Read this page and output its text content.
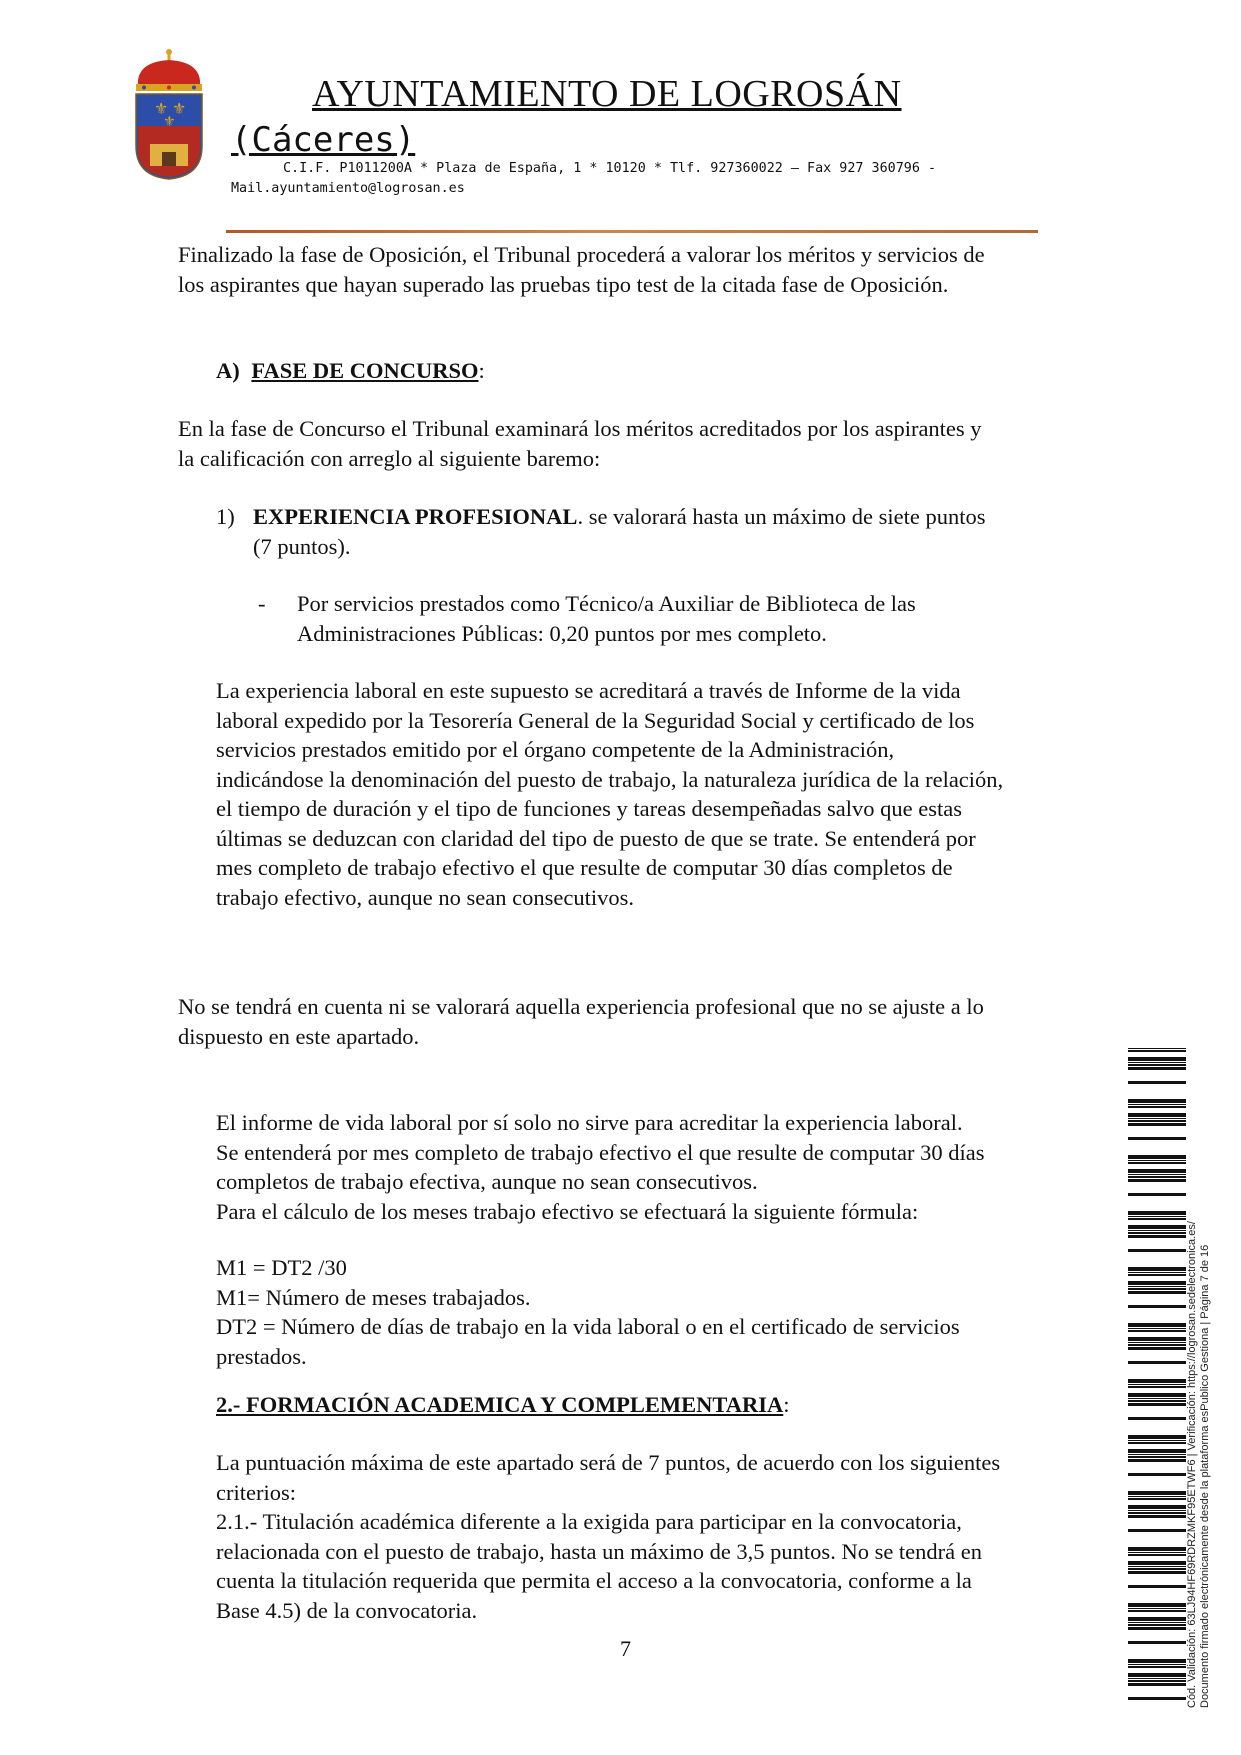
⚜ ⚜
⚜
AYUNTAMIENTO DE LOGROSÁN
(Cáceres)
C.I.F. P1011200A * Plaza de España, 1 * 10120 * Tlf. 927360022 – Fax 927 360796 -
Mail.ayuntamiento@logrosan.es

Finalizado la fase de Oposición, el Tribunal procederá a valorar los méritos y servicios de
los aspirantes que hayan superado las pruebas tipo test de la citada fase de Oposición.

A) FASE DE CONCURSO:

En la fase de Concurso el Tribunal examinará los méritos acreditados por los aspirantes y
la calificación con arreglo al siguiente baremo:

1) EXPERIENCIA PROFESIONAL. se valorará hasta un máximo de siete puntos
(7 puntos).

- Por servicios prestados como Técnico/a Auxiliar de Biblioteca de las
Administraciones Públicas: 0,20 puntos por mes completo.

La experiencia laboral en este supuesto se acreditará a través de Informe de la vida
laboral expedido por la Tesorería General de la Seguridad Social y certificado de los
servicios prestados emitido por el órgano competente de la Administración,
indicándose la denominación del puesto de trabajo, la naturaleza jurídica de la relación,
el tiempo de duración y el tipo de funciones y tareas desempeñadas salvo que estas
últimas se deduzcan con claridad del tipo de puesto de que se trate. Se entenderá por
mes completo de trabajo efectivo el que resulte de computar 30 días completos de
trabajo efectivo, aunque no sean consecutivos.

No se tendrá en cuenta ni se valorará aquella experiencia profesional que no se ajuste a lo
dispuesto en este apartado.

El informe de vida laboral por sí solo no sirve para acreditar la experiencia laboral.
Se entenderá por mes completo de trabajo efectivo el que resulte de computar 30 días
completos de trabajo efectiva, aunque no sean consecutivos.
Para el cálculo de los meses trabajo efectivo se efectuará la siguiente fórmula:

M1 = DT2 /30
M1= Número de meses trabajados.
DT2 = Número de días de trabajo en la vida laboral o en el certificado de servicios
prestados.

2.- FORMACIÓN ACADEMICA Y COMPLEMENTARIA:

La puntuación máxima de este apartado será de 7 puntos, de acuerdo con los siguientes
criterios:
2.1.- Titulación académica diferente a la exigida para participar en la convocatoria,
relacionada con el puesto de trabajo, hasta un máximo de 3,5 puntos. No se tendrá en
cuenta la titulación requerida que permita el acceso a la convocatoria, conforme a la
Base 4.5) de la convocatoria.

7	Cód. Validación: 63LJ94HF69RDRZMKF95ETWF6 | Verificación: https://logrosan.sedelectronica.es/ Documento firmado electrónicamente desde la plataforma esPublico Gestiona | Página 7 de 16
